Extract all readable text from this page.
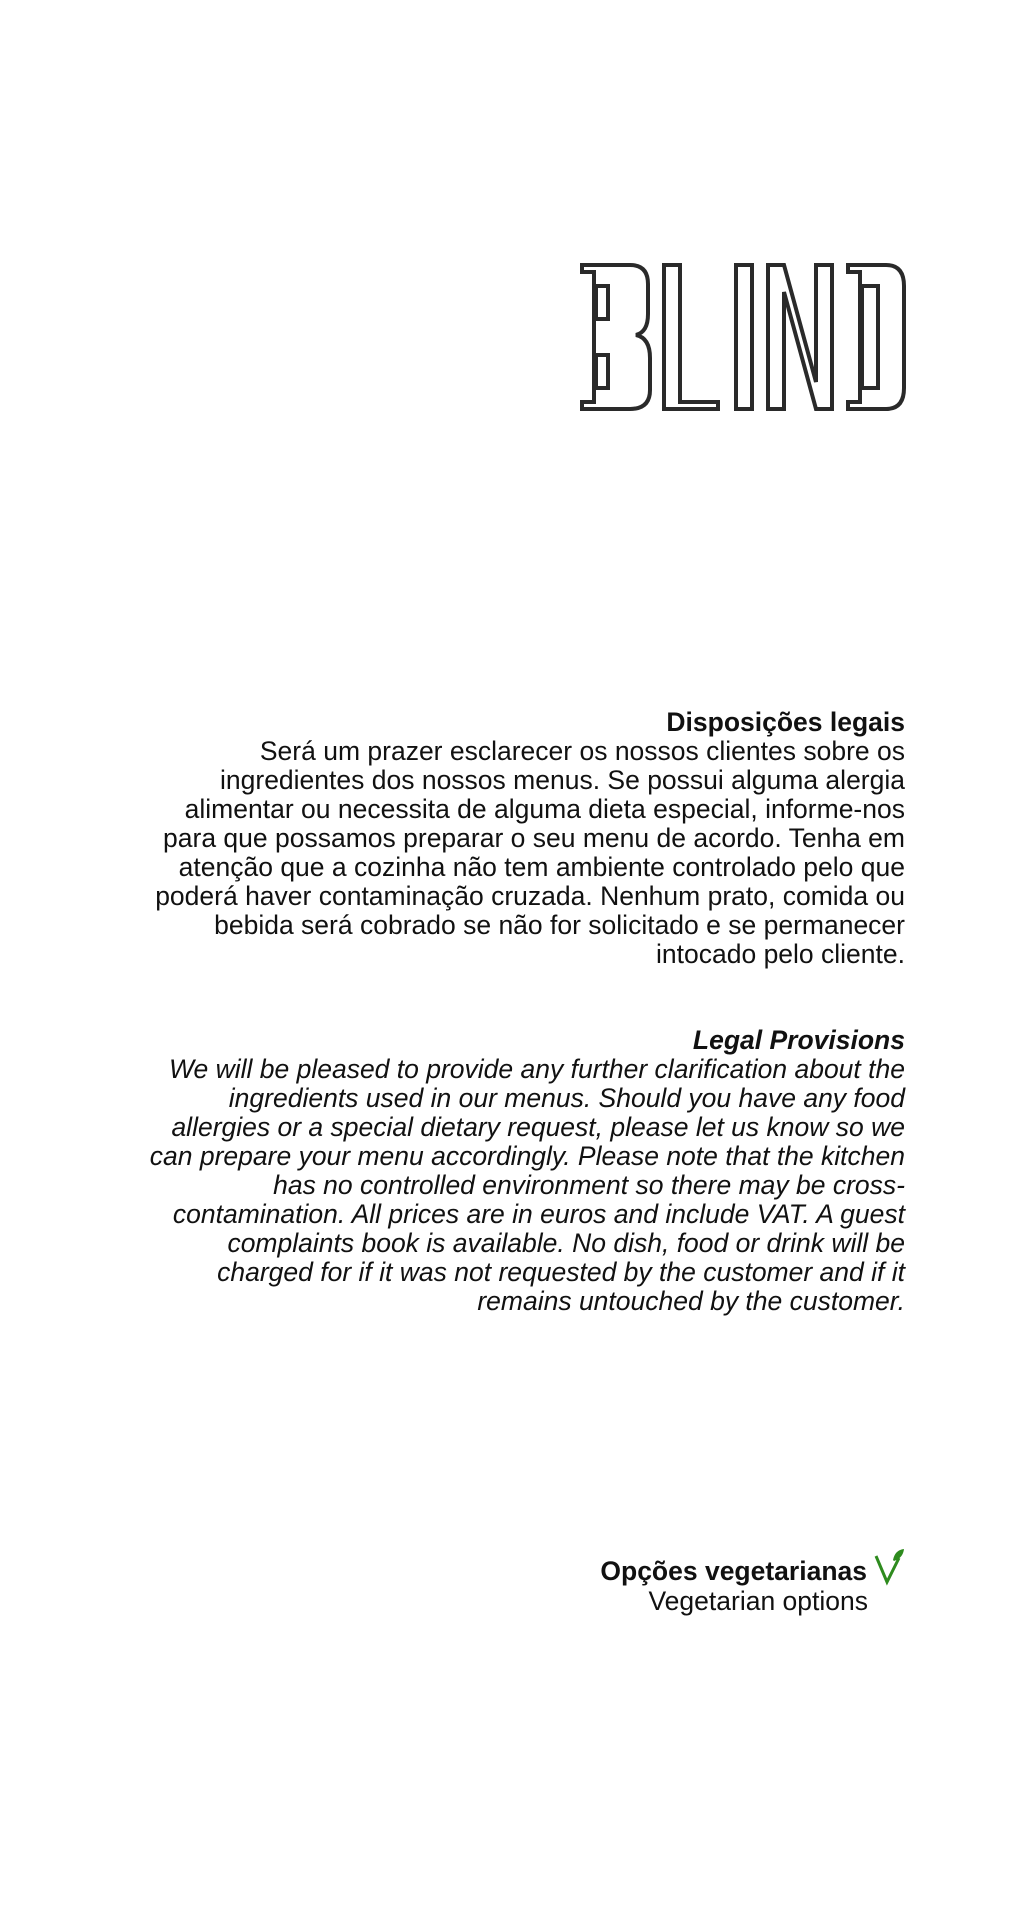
Disposições legais

Será um prazer esclarecer os nossos clientes sobre os ingredientes dos nossos menus. Se possui alguma alergia alimentar ou necessita de alguma dieta especial, informe-nos para que possamos preparar o seu menu de acordo. Tenha em atenção que a cozinha não tem ambiente controlado pelo que poderá haver contaminação cruzada. Nenhum prato, comida ou bebida será cobrado se não for solicitado e se permanecer intocado pelo cliente.

Legal Provisions

We will be pleased to provide any further clarification about the ingredients used in our menus. Should you have any food allergies or a special dietary request, please let us know so we can prepare your menu accordingly. Please note that the kitchen has no controlled environment so there may be cross-contamination. All prices are in euros and include VAT. A guest complaints book is available. No dish, food or drink will be charged for if it was not requested by the customer and if it remains untouched by the customer.

Opções vegetarianas
Vegetarian options
